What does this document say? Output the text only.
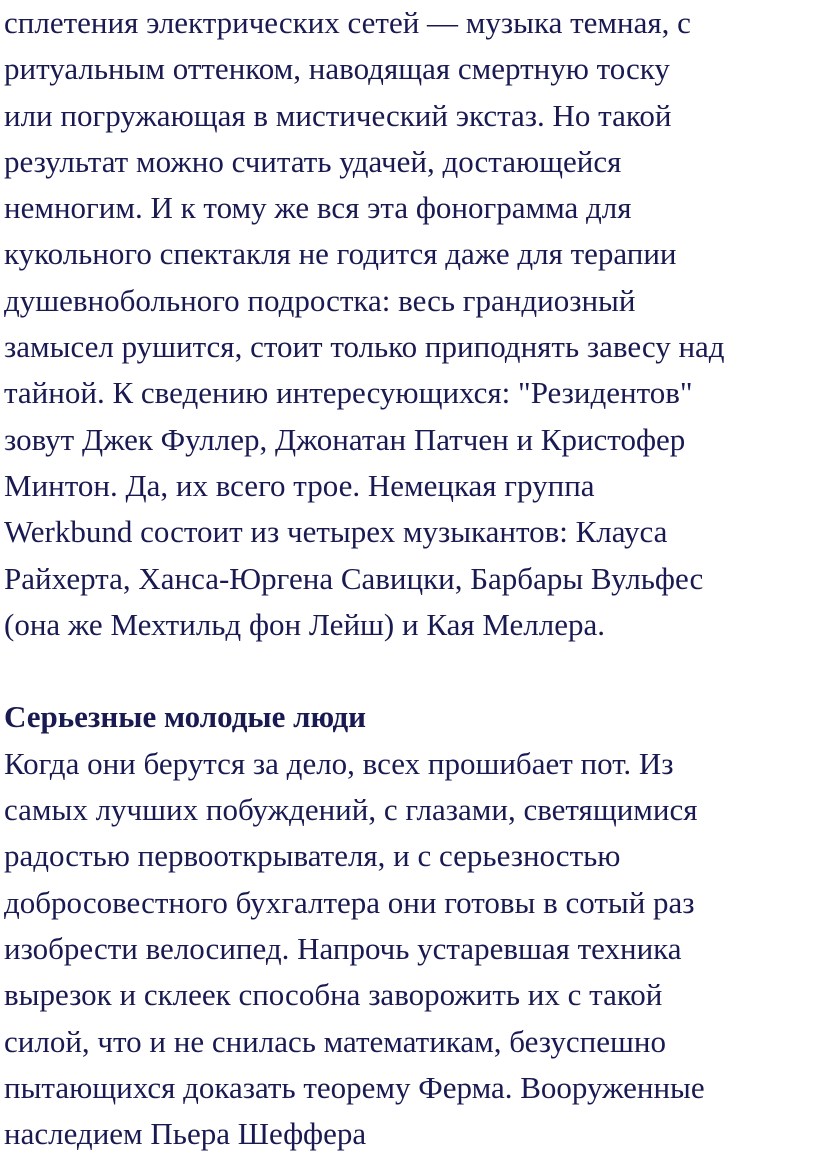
сплетения электрических сетей — музыка темная, с
ритуальным оттенком, наводящая смертную тоску
или погружающая в мистический экстаз. Но такой
результат можно считать удачей, достающейся
немногим. И к тому же вся эта фонограмма для
кукольного спектакля не годится даже для терапии
душевнобольного подростка: весь грандиозный
замысел рушится, стоит только приподнять завесу над
тайной. К сведению интересующихся: "Резидентов"
зовут Джек Фуллер, Джонатан Патчен и Кристофер
Минтон. Да, их всего трое. Немецкая группа
Werkbund состоит из четырех музыкантов: Клауса
Райхерта, Ханса-Юргена Савицки, Барбары Вульфес
(она же Мехтильд фон Лейш) и Кая Меллера.
Серьезные молодые люди
Когда они берутся за дело, всех прошибает пот. Из
самых лучших побуждений, с глазами, светящимися
радостью первооткрывателя, и с серьезностью
добросовестного бухгалтера они готовы в сотый раз
изобрести велосипед. Напрочь устаревшая техника
вырезок и склеек способна заворожить их с такой
силой, что и не снилась математикам, безуспешно
пытающихся доказать теорему Ферма. Вооруженные
наследием Пьера Шеффера
